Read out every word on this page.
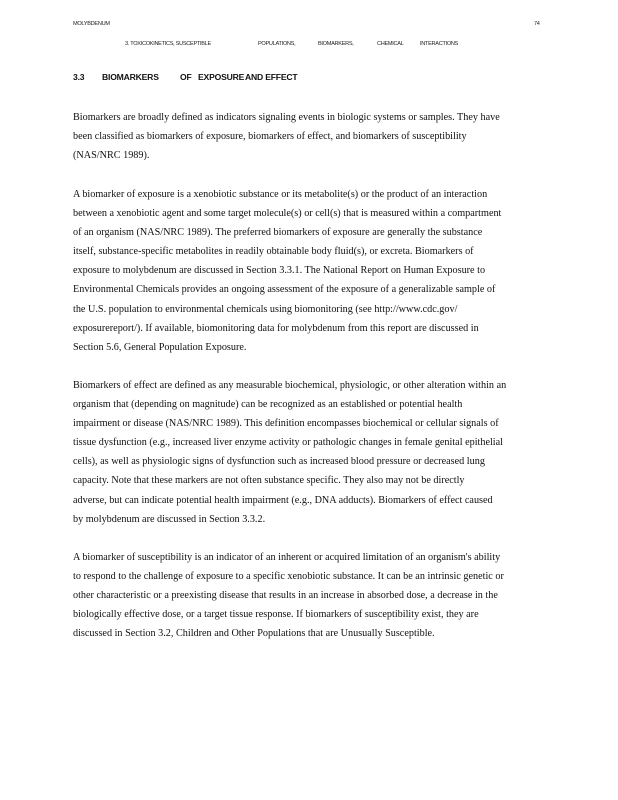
MOLYBDENUM	74
3. TOXICOKINETICS, SUSCEPTIBLE	POPULATIONS,	BIOMARKERS,	CHEMICAL	INTERACTIONS
3.3	BIOMARKERS	OF EXPOSURE AND EFFECT
Biomarkers are broadly defined as indicators signaling events in biologic systems or samples. They have
been classified as biomarkers of exposure, biomarkers of effect, and biomarkers of susceptibility
(NAS/NRC 1989).
A biomarker of exposure is a xenobiotic substance or its metabolite(s) or the product of an interaction
between a xenobiotic agent and some target molecule(s) or cell(s) that is measured within a compartment
of an organism (NAS/NRC 1989). The preferred biomarkers of exposure are generally the substance
itself, substance-specific metabolites in readily obtainable body fluid(s), or excreta. Biomarkers of
exposure to molybdenum are discussed in Section 3.3.1. The National Report on Human Exposure to
Environmental Chemicals provides an ongoing assessment of the exposure of a generalizable sample of
the U.S. population to environmental chemicals using biomonitoring (see http://www.cdc.gov/
exposurereport/). If available, biomonitoring data for molybdenum from this report are discussed in
Section 5.6, General Population Exposure.
Biomarkers of effect are defined as any measurable biochemical, physiologic, or other alteration within an
organism that (depending on magnitude) can be recognized as an established or potential health
impairment or disease (NAS/NRC 1989). This definition encompasses biochemical or cellular signals of
tissue dysfunction (e.g., increased liver enzyme activity or pathologic changes in female genital epithelial
cells), as well as physiologic signs of dysfunction such as increased blood pressure or decreased lung
capacity. Note that these markers are not often substance specific. They also may not be directly
adverse, but can indicate potential health impairment (e.g., DNA adducts). Biomarkers of effect caused
by molybdenum are discussed in Section 3.3.2.
A biomarker of susceptibility is an indicator of an inherent or acquired limitation of an organism's ability
to respond to the challenge of exposure to a specific xenobiotic substance. It can be an intrinsic genetic or
other characteristic or a preexisting disease that results in an increase in absorbed dose, a decrease in the
biologically effective dose, or a target tissue response. If biomarkers of susceptibility exist, they are
discussed in Section 3.2, Children and Other Populations that are Unusually Susceptible.
